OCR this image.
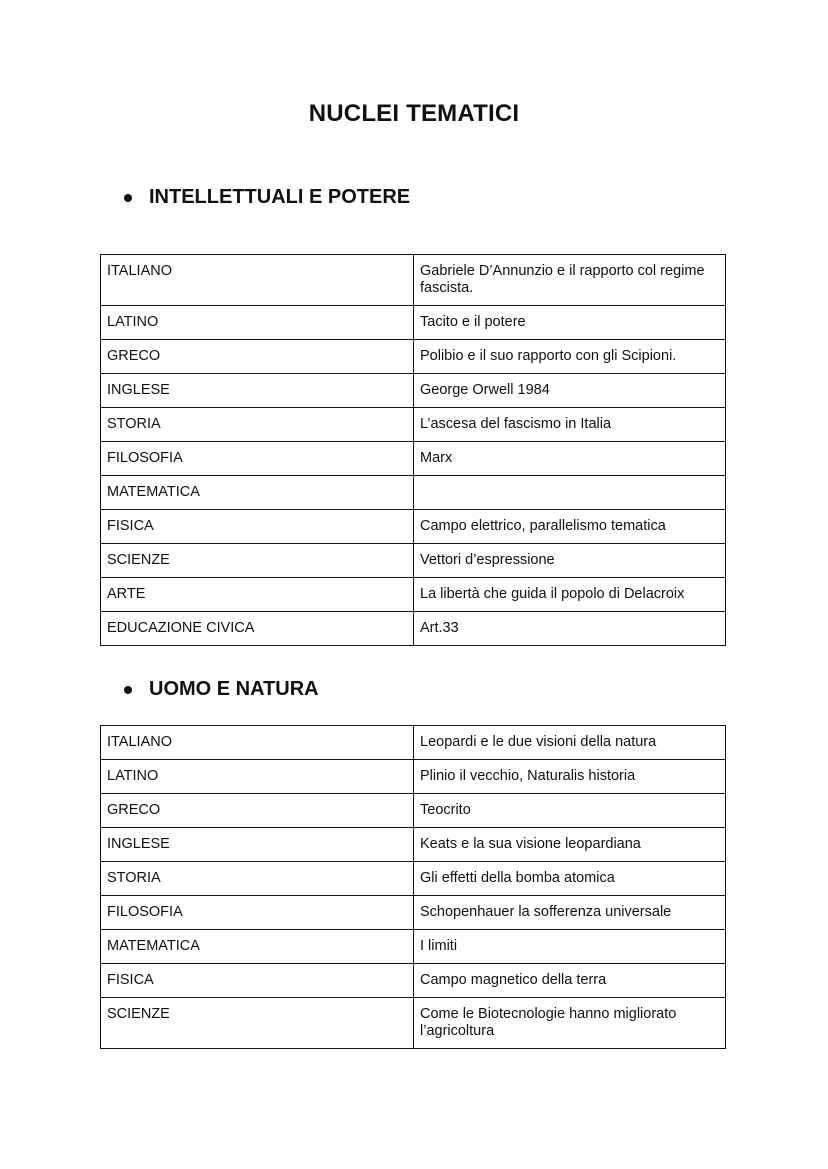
NUCLEI TEMATICI
INTELLETTUALI E POTERE
ITALIANO	Gabriele D’Annunzio e il rapporto col regime fascista.
LATINO	Tacito e il potere
GRECO	Polibio e il suo rapporto con gli Scipioni.
INGLESE	George Orwell 1984
STORIA	L’ascesa del fascismo in Italia
FILOSOFIA	Marx
MATEMATICA	
FISICA	Campo elettrico, parallelismo tematica
SCIENZE	Vettori d’espressione
ARTE	La libertà che guida il popolo di Delacroix
EDUCAZIONE CIVICA	Art.33
UOMO E NATURA
ITALIANO	Leopardi e le due visioni della natura
LATINO	Plinio il vecchio, Naturalis historia
GRECO	Teocrito
INGLESE	Keats e la sua visione leopardiana
STORIA	Gli effetti della bomba atomica
FILOSOFIA	Schopenhauer la sofferenza universale
MATEMATICA	I limiti
FISICA	Campo magnetico della terra
SCIENZE	Come le Biotecnologie hanno migliorato l’agricoltura
